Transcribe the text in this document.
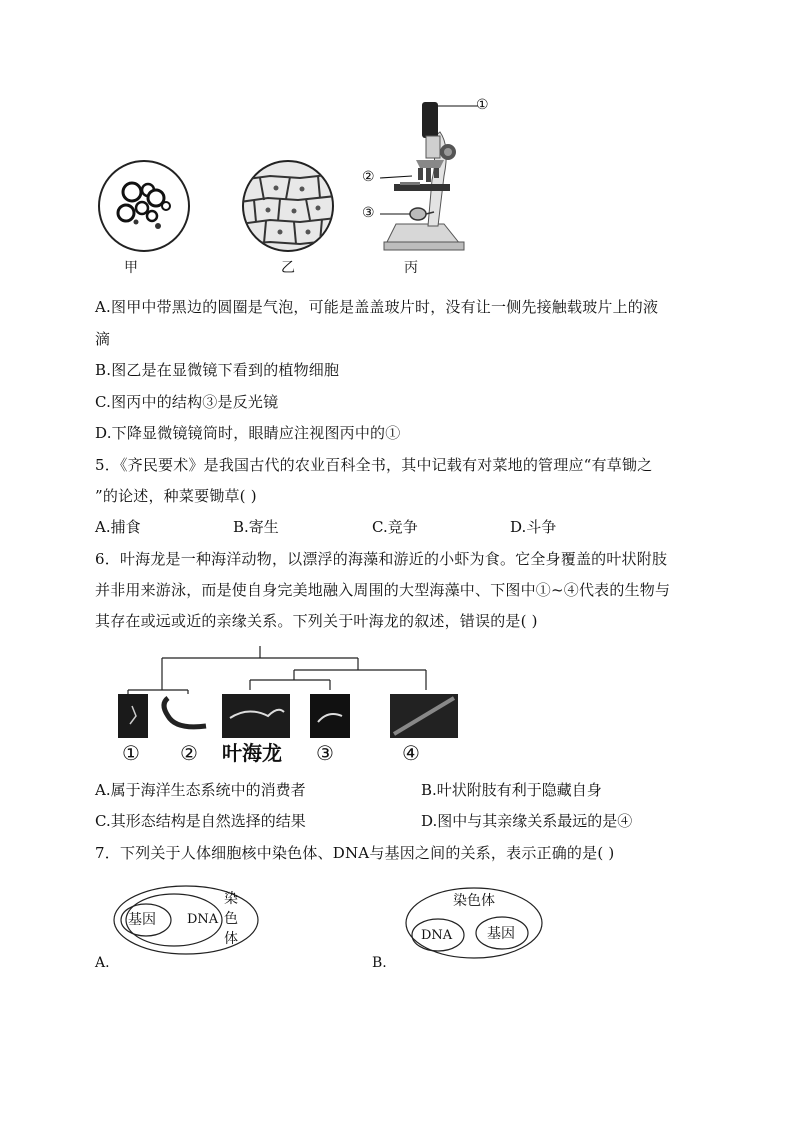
①
②
③
甲	乙	丙
A.图甲中带黑边的圆圈是气泡，可能是盖盖玻片时，没有让一侧先接触载玻片上的液
滴
B.图乙是在显微镜下看到的植物细胞
C.图丙中的结构③是反光镜
D.下降显微镜镜筒时，眼睛应注视图丙中的①
5．《齐民要术》是我国古代的农业百科全书，其中记载有对菜地的管理应“有草锄之
”的论述，种菜要锄草( )
A.捕食	B.寄生	C.竞争	D.斗争
6．叶海龙是一种海洋动物，以漂浮的海藻和游近的小虾为食。它全身覆盖的叶状附肢
并非用来游泳，而是使自身完美地融入周围的大型海藻中、下图中①~④代表的生物与
其存在或远或近的亲缘关系。下列关于叶海龙的叙述，错误的是( )
① ② 叶海龙 ③	④
A.属于海洋生态系统中的消费者	B.叶状附肢有利于隐藏自身
C.其形态结构是自然选择的结果	D.图中与其亲缘关系最远的是④
7．下列关于人体细胞核中染色体、DNA与基因之间的关系，表示正确的是( )
基因 DNA
染
色
体
A.
染色体
DNA 基因
B.
